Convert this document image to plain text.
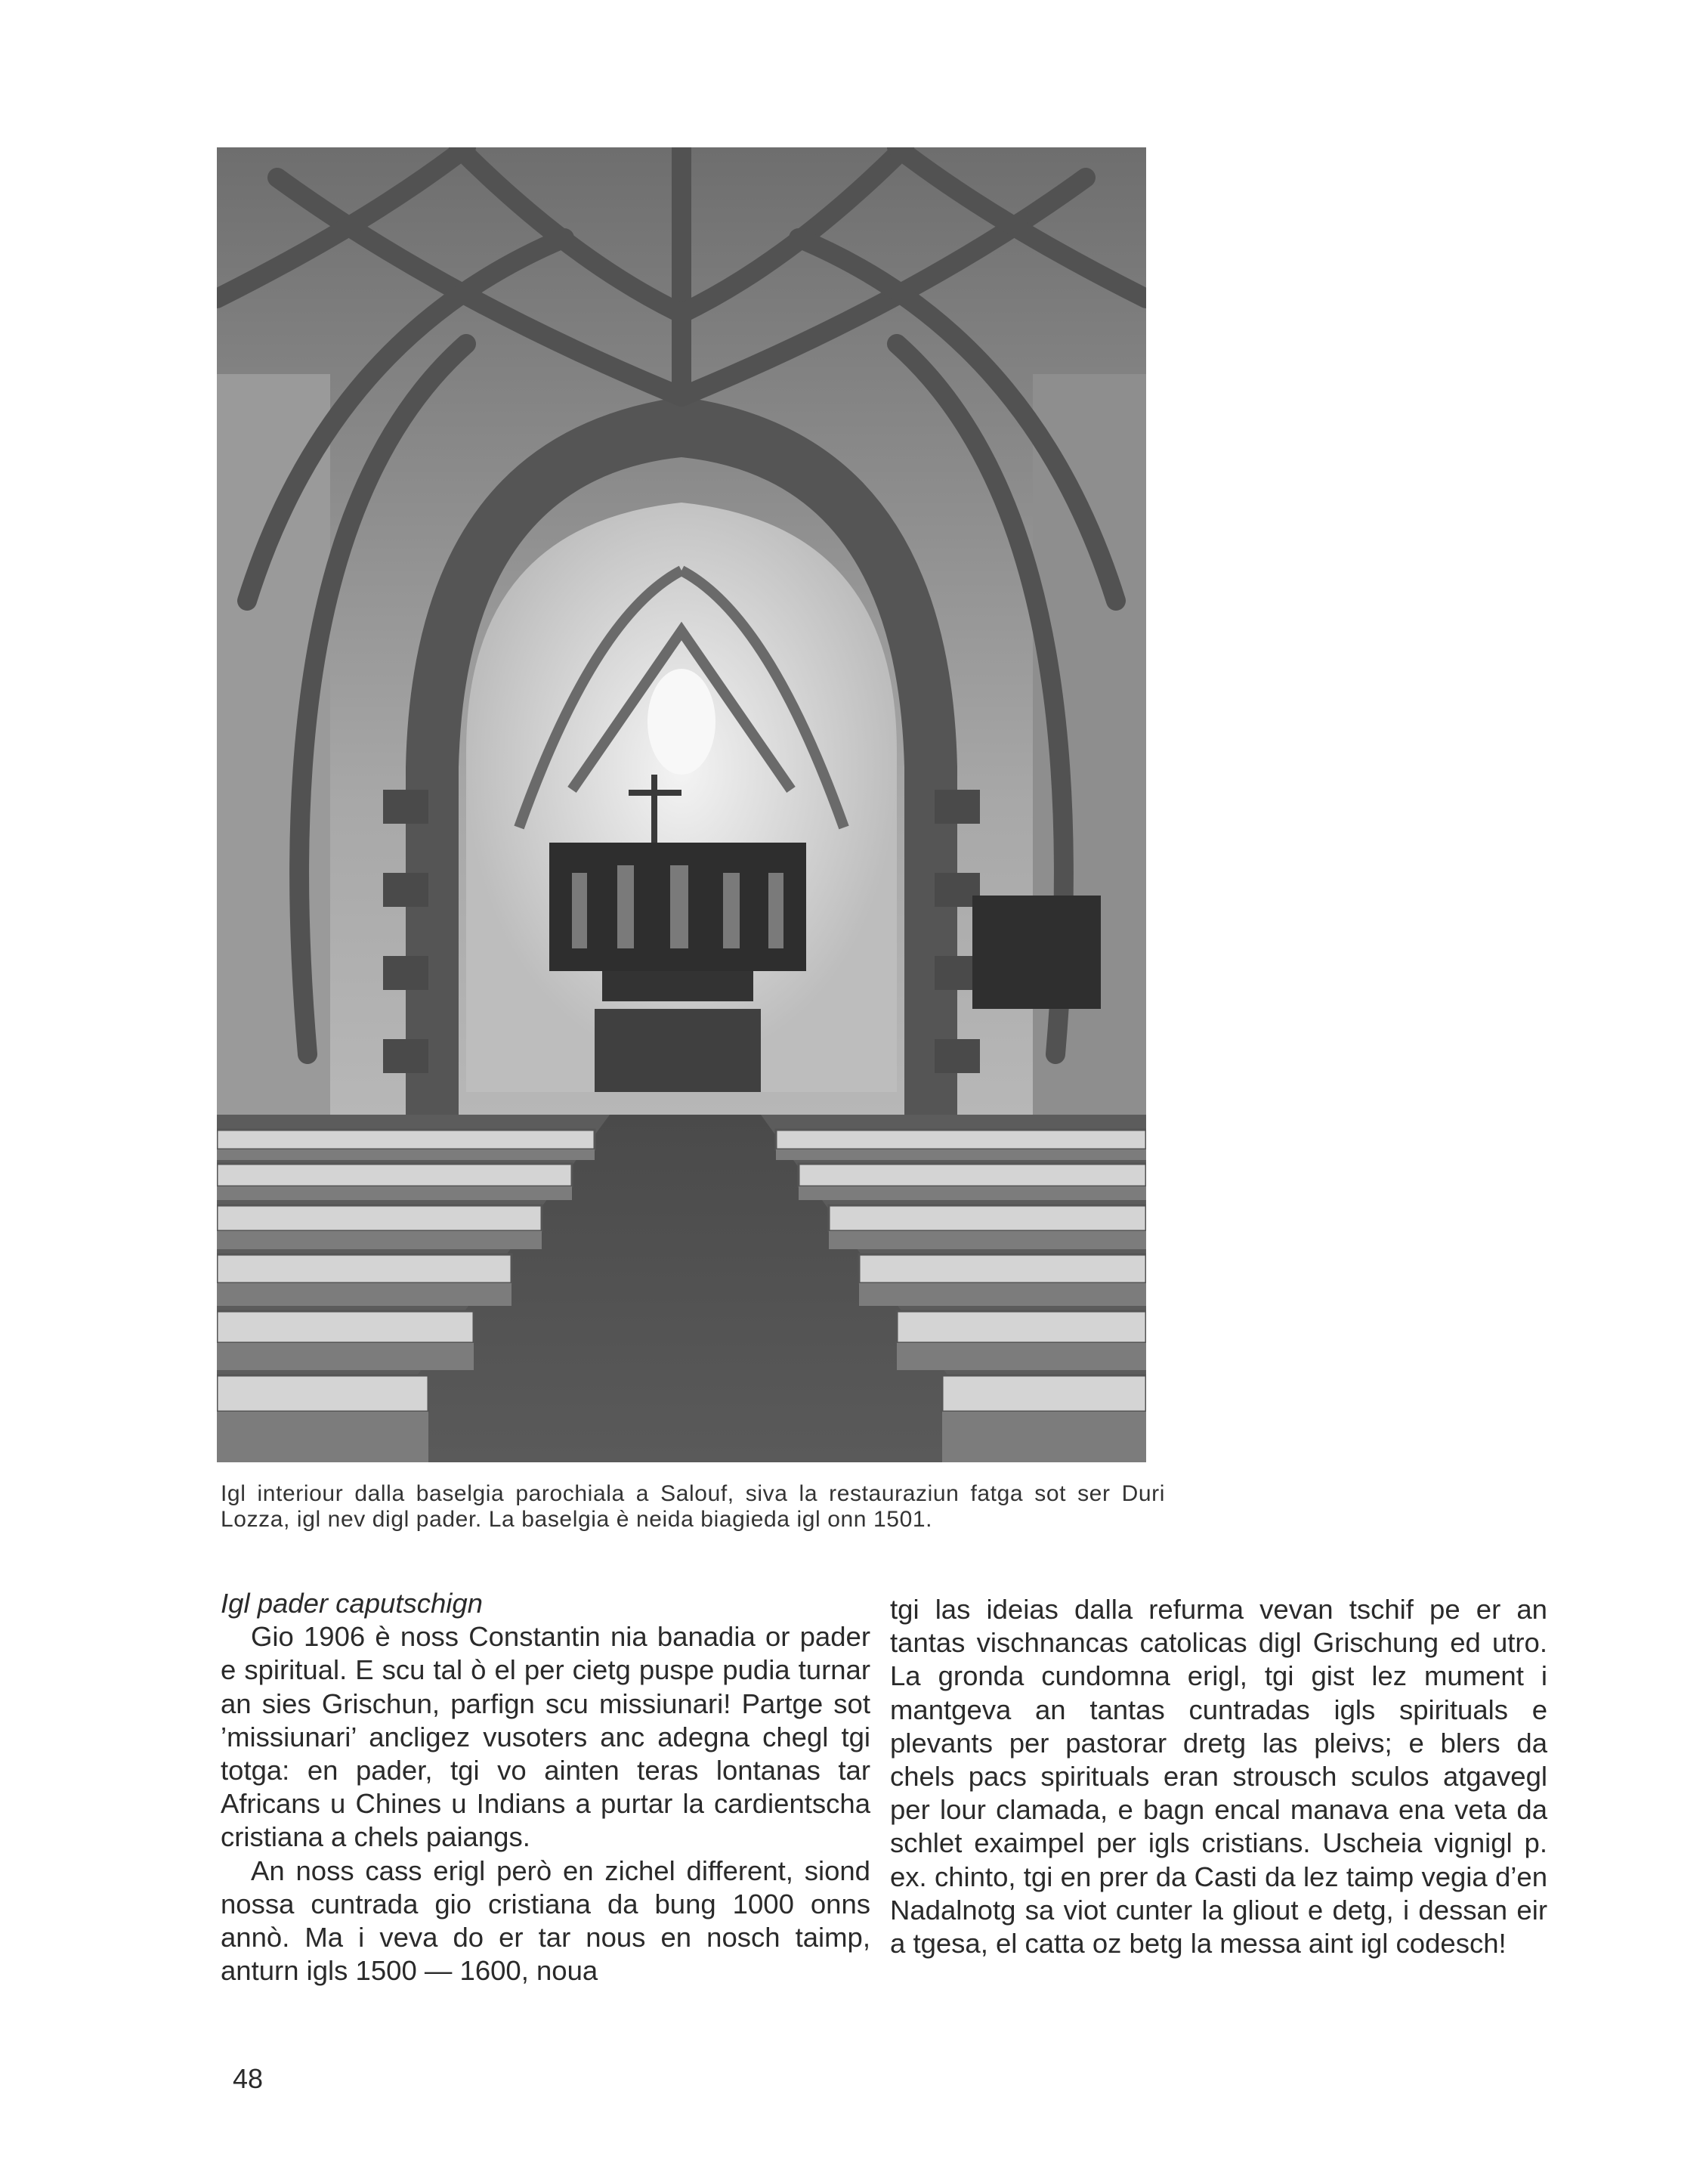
Igl interiour dalla baselgia parochiala a Salouf, siva la restauraziun fatga sot ser Duri Lozza, igl nev digl pader. La baselgia è neida biagieda igl onn 1501.

Igl pader caputschign

Gio 1906 è noss Constantin nia banadia or pader e spiritual. E scu tal ò el per cietg puspe pudia turnar an sies Grischun, parfign scu missiunari! Partge sot ’missiunari’ ancligez vusoters anc adegna chegl tgi totga: en pader, tgi vo ainten teras lontanas tar Africans u Chines u Indians a purtar la cardientscha cristiana a chels paiangs.

An noss cass erigl però en zichel different, siond nossa cuntrada gio cristiana da bung 1000 onns annò. Ma i veva do er tar nous en nosch taimp, anturn igls 1500 — 1600, noua

tgi las ideias dalla refurma vevan tschif pe er an tantas vischnancas catolicas digl Grischung ed utro. La gronda cundomna erigl, tgi gist lez mument i mantgeva an tantas cuntradas igls spirituals e plevants per pastorar dretg las pleivs; e blers da chels pacs spirituals eran strousch sculos atgavegl per lour clamada, e bagn encal manava ena veta da schlet exaimpel per igls cristians. Uscheia vignigl p. ex. chinto, tgi en prer da Casti da lez taimp vegia d’en Nadalnotg sa viot cunter la gliout e detg, i dessan eir a tgesa, el catta oz betg la messa aint igl codesch!

48
